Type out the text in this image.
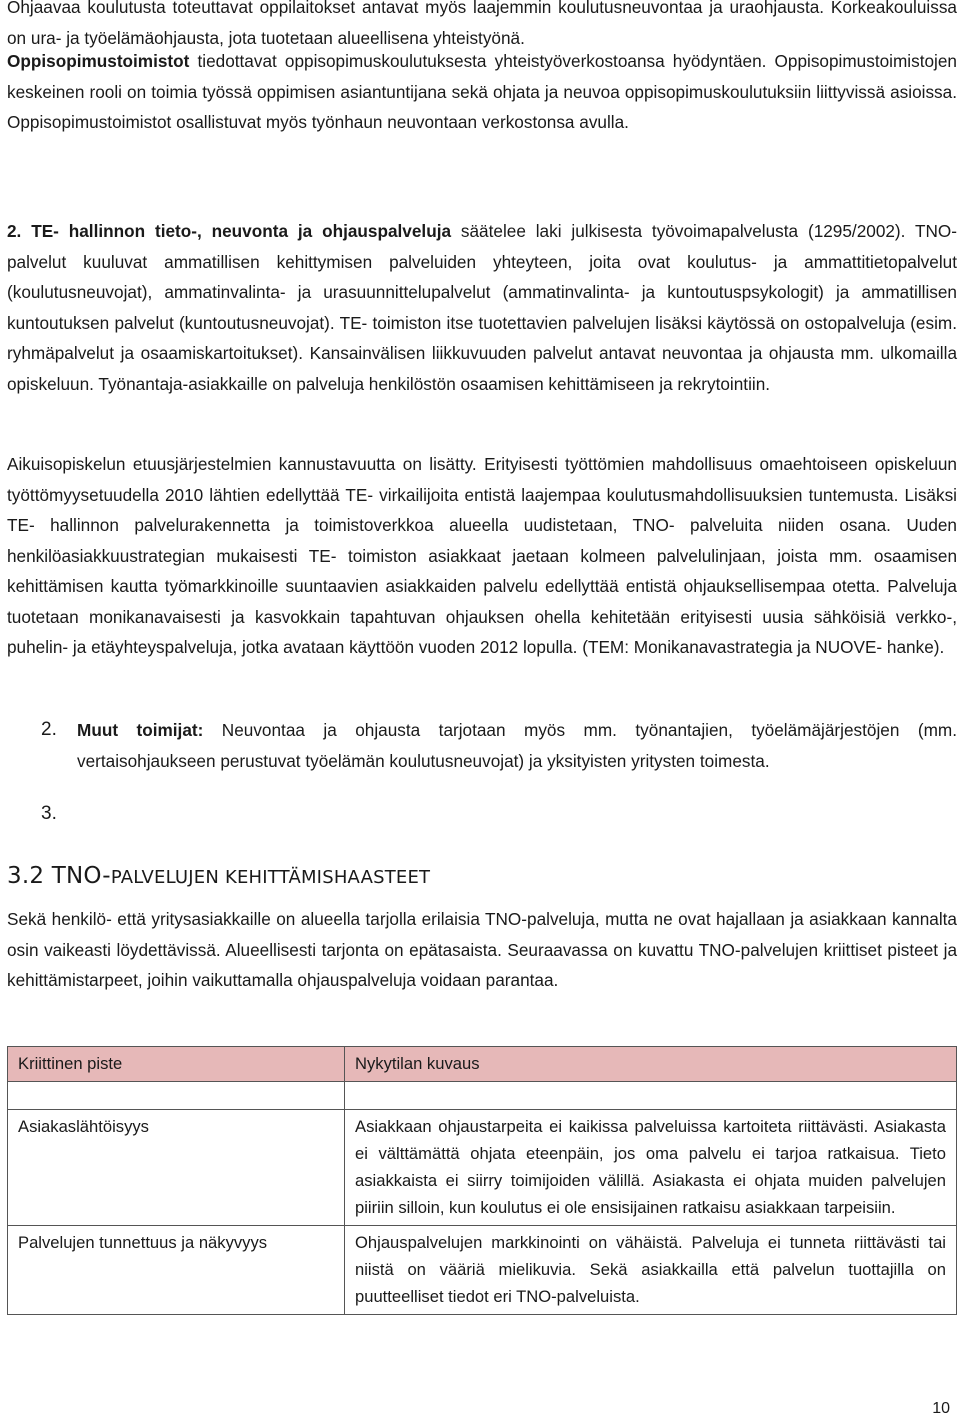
Ohjaavaa koulutusta toteuttavat oppilaitokset antavat myös laajemmin koulutusneuvontaa ja uraohjausta. Korkeakouluissa on ura- ja työelämäohjausta, jota tuotetaan alueellisena yhteistyönä.

Oppisopimustoimistot tiedottavat oppisopimuskoulutuksesta yhteistyöverkostoansa hyödyntäen. Oppisopimustoimistojen keskeinen rooli on toimia työssä oppimisen asiantuntijana sekä ohjata ja neuvoa oppisopimuskoulutuksiin liittyvissä asioissa. Oppisopimustoimistot osallistuvat myös työnhaun neuvontaan verkostonsa avulla.

2. TE- hallinnon tieto-, neuvonta ja ohjauspalveluja säätelee laki julkisesta työvoimapalvelusta (1295/2002). TNO- palvelut kuuluvat ammatillisen kehittymisen palveluiden yhteyteen, joita ovat koulutus- ja ammattitietopalvelut (koulutusneuvojat), ammatinvalinta- ja urasuunnittelupalvelut (ammatinvalinta- ja kuntoutuspsykologit) ja ammatillisen kuntoutuksen palvelut (kuntoutusneuvojat). TE- toimiston itse tuotettavien palvelujen lisäksi käytössä on ostopalveluja (esim. ryhmäpalvelut ja osaamiskartoitukset). Kansainvälisen liikkuvuuden palvelut antavat neuvontaa ja ohjausta mm. ulkomailla opiskeluun. Työnantaja-asiakkaille on palveluja henkilöstön osaamisen kehittämiseen ja rekrytointiin.

Aikuisopiskelun etuusjärjestelmien kannustavuutta on lisätty. Erityisesti työttömien mahdollisuus omaehtoiseen opiskeluun työttömyysetuudella 2010 lähtien edellyttää TE- virkailijoita entistä laajempaa koulutusmahdollisuuksien tuntemusta. Lisäksi TE- hallinnon palvelurakennetta ja toimistoverkkoa alueella uudistetaan, TNO- palveluita niiden osana. Uuden henkilöasiakkuustrategian mukaisesti TE- toimiston asiakkaat jaetaan kolmeen palvelulinjaan, joista mm. osaamisen kehittämisen kautta työmarkkinoille suuntaavien asiakkaiden palvelu edellyttää entistä ohjauksellisempaa otetta. Palveluja tuotetaan monikanavaisesti ja kasvokkain tapahtuvan ohjauksen ohella kehitetään erityisesti uusia sähköisiä verkko-, puhelin- ja etäyhteyspalveluja, jotka avataan käyttöön vuoden 2012 lopulla. (TEM: Monikanavastrategia ja NUOVE- hanke).

2. Muut toimijat: Neuvontaa ja ohjausta tarjotaan myös mm. työnantajien, työelämäjärjestöjen (mm. vertaisohjaukseen perustuvat työelämän koulutusneuvojat) ja yksityisten yritysten toimesta.
3.

3.2 TNO-PALVELUJEN KEHITTÄMISHAASTEET

Sekä henkilö- että yritysasiakkaille on alueella tarjolla erilaisia TNO-palveluja, mutta ne ovat hajallaan ja asiakkaan kannalta osin vaikeasti löydettävissä. Alueellisesti tarjonta on epätasaista. Seuraavassa on kuvattu TNO-palvelujen kriittiset pisteet ja kehittämistarpeet, joihin vaikuttamalla ohjauspalveluja voidaan parantaa.

Kriittinen piste	Nykytilan kuvaus

Asiakaslähtöisyys	Asiakkaan ohjaustarpeita ei kaikissa palveluissa kartoiteta riittävästi. Asiakasta ei välttämättä ohjata eteenpäin, jos oma palvelu ei tarjoa ratkaisua. Tieto asiakkaista ei siirry toimijoiden välillä. Asiakasta ei ohjata muiden palvelujen piiriin silloin, kun koulutus ei ole ensisijainen ratkaisu asiakkaan tarpeisiin.
Palvelujen tunnettuus ja näkyvyys	Ohjauspalvelujen markkinointi on vähäistä. Palveluja ei tunneta riittävästi tai niistä on vääriä mielikuvia. Sekä asiakkailla että palvelun tuottajilla on puutteelliset tiedot eri TNO-palveluista.
10
